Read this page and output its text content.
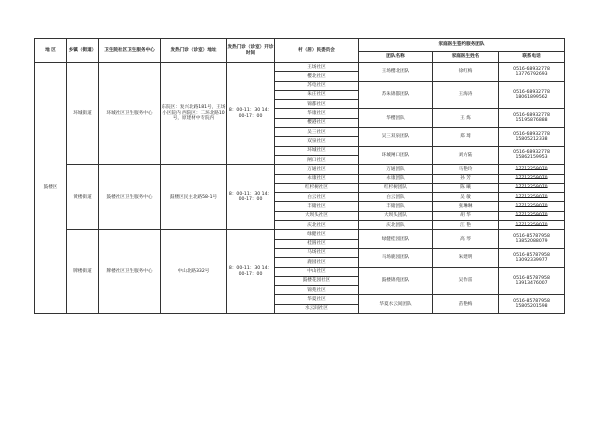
地 区	乡镇（街道）	卫生院社区卫生服务中心	发热门诊（诊室）地址	发热门诊（诊室）开诊时间	村（居）民委员会	家庭医生签约服务团队		
						团队名称	家庭医生姓名	联系电话
鼓楼区	环城街道	环城社区卫生服务中心	东院区：复兴北路181号，王场小区院内 西院区：二环北路10号，原建材中专院内	8：00-11：30 14：00-17：00	王场社区	王场樱北团队	徐红梅	0516-68932778 13776792693
					樱北社区			
					苏电社区	苏朱锦都团队	王海涛	0516-68932778 18061899562
					朱庄社区			
					锦都社区			
					华康社区	华樱团队	王 炼	0516-68932778 15195876888
					樱港社区			
					吴三社区	吴三双泉团队	郑 琦	0516-68932778 15805212338
					双泉社区			
					环城社区	环城闸口团队	刘方陆	0516-68932778 15862159953
					闸口社区			
	黄楼街道	鼓楼社区卫生服务中心	鼓楼区民主北路58-1号	8：00-11：30 14：00-17：00	万通社区	万通团队	马艳玲	17712259070
					永康社区	永康团队	孙 芳	17712259070
					红杉树社区	红杉树团队	陈 曦	17712259070
					白云社区	白云团队	吴 敏	17712259070
					丰储社区	丰储团队	张琳琳	17712259070
					大坝头社区	大坝头团队	胡 华	17712259070
					庆北社区	庆北团队	江 艳	17712259070
	牌楼街道	牌楼社区卫生服务中心	中山北路332号	8：00-11：30 14：00-17：00	绿健社区	绿健桂园团队	高 琴	0516-85787958 13852088079
					桂圆社区			
					马场社区	马场鹿园团队	朱建明	0516-85787958 13092339977
					鹿园社区			
					中山社区	鼓楼锦苑团队	吴作雷	0516-85787958 13913476007
					鼓楼花园社区			
					锦苑社区			
					华夏社区	华夏水云间团队	苗艳梅	0516-85787958 15805201598
					水云间社区			
